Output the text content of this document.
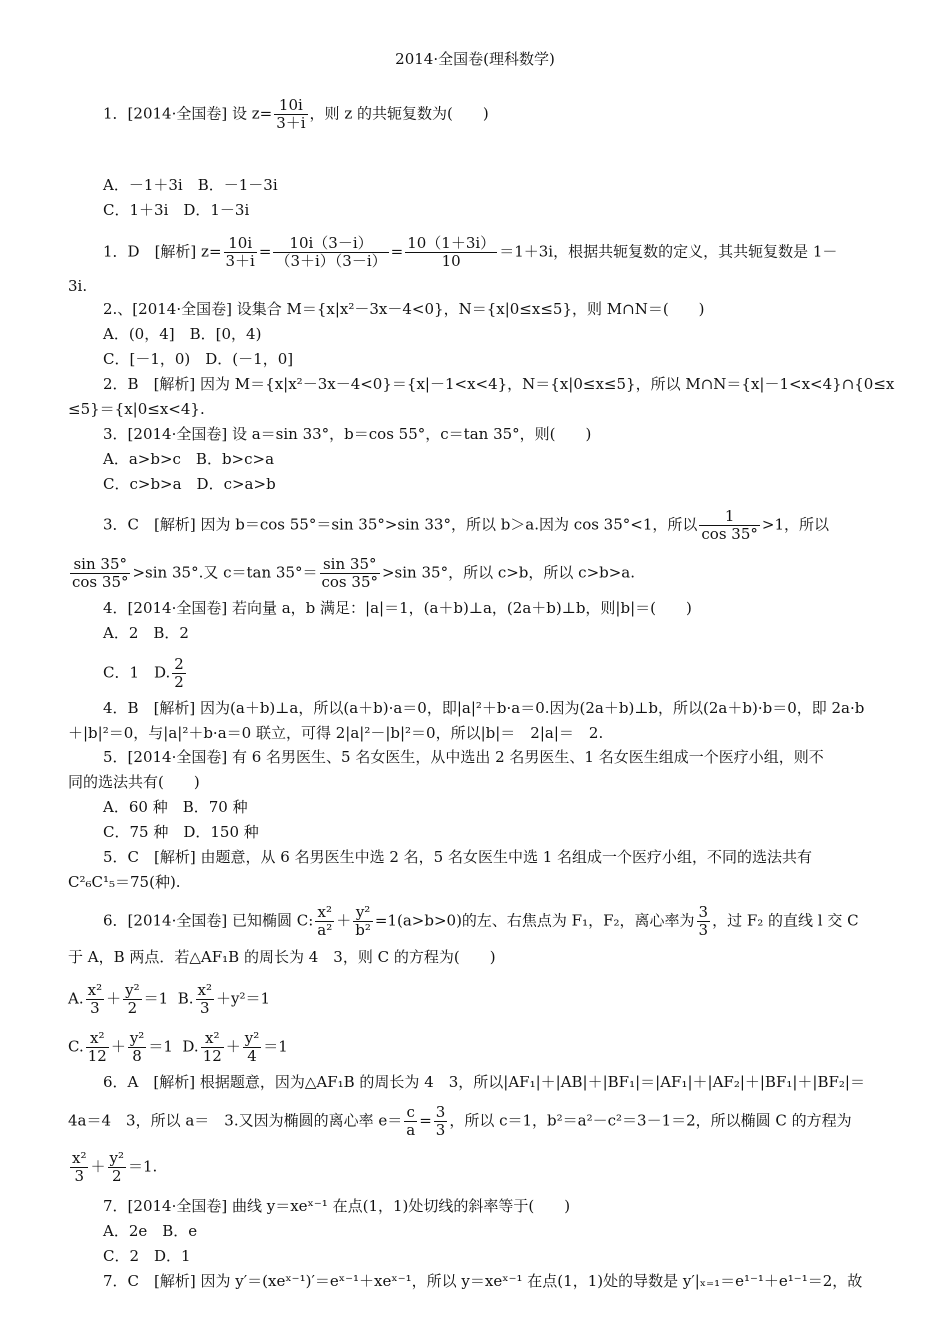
2014·全国卷(理科数学)
1．[2014·全国卷] 设 $z= \frac{10i}{3+i}$ ，则 z 的共轭复数为(　　)
A．－1＋3i　B．－1－3i
C．1＋3i　D．1－3i
1．D　[解析] $z= \frac{10i}{3+i} = \frac{10i(3-i)}{(3+i)(3-i)} = \frac{10(1+3i)}{10} =1+3i$，根据共轭复数的定义，其共轭复数是 1－
3i.
2.、[2014·全国卷] 设集合 M＝{x|x²－3x－4<0}，N＝{x|0≤x≤5}，则 M∩N＝(　　)
A．(0，4]　B．[0，4)
C．[－1，0)　D．(－1，0]
2．B　[解析] 因为 M＝{x|x²－3x－4<0}＝{x|－1<x<4}，N＝{x|0≤x≤5}，所以 M∩N＝{x|－1<x<4}∩{0≤x
≤5}＝{x|0≤x<4}.
3．[2014·全国卷] 设 a＝sin 33°，b＝cos 55°，c＝tan 35°，则(　　)
A．a>b>c　B．b>c>a
C．c>b>a　D．c>a>b
3．C　[解析] 因为 b＝cos 55°＝sin 35°>sin 33°，所以 b＞a.因为 cos 35°<1，所以 $\frac{1}{\cos 35^\circ} >1$，所以
$\frac{\sin 35^\circ}{\cos 35^\circ} >\sin$ 35°.又 c＝tan $35^\circ= \frac{\sin 35^\circ}{\cos 35^\circ} >\sin$ 35°，所以 c>b，所以 c>b>a.
4．[2014·全国卷] 若向量 a，b 满足：|a|＝1，(a＋b)⊥a，(2a＋b)⊥b，则|b|＝(　　)
A．2　B．2
C．1　D. $\frac{2}{2}$
4．B　[解析] 因为(a＋b)⊥a，所以(a＋b)·a＝0，即|a|²＋b·a＝0.因为(2a＋b)⊥b，所以(2a＋b)·b＝0，即 2a·b
＋|b|²＝0，与|a|²＋b·a＝0 联立，可得 2|a|²－|b|²＝0，所以|b|＝　2|a|＝　2.
5．[2014·全国卷] 有 6 名男医生、5 名女医生，从中选出 2 名男医生、1 名女医生组成一个医疗小组，则不
同的选法共有(　　)
A．60 种　B．70 种
C．75 种　D．150 种
5．C　[解析] 由题意，从 6 名男医生中选 2 名，5 名女医生中选 1 名组成一个医疗小组，不同的选法共有
C²₆C¹₅＝75(种).
6．[2014·全国卷] 已知椭圆 C: $\frac{\text{x²}}{\text{a²}} + \frac{\text{y²}}{\text{b²}} =1(a>b>0)$的左、右焦点为 F₁，F₂，离心率为 $\frac{3}{3}$ ，过 F₂ 的直线 l 交 C
于 A，B 两点．若△AF₁B 的周长为 4　3，则 C 的方程为(　　)
A. $\frac{\text{x²}}{3} + \frac{\text{y²}}{2} =1$ B. $\frac{\text{x²}}{3} +y^2=1$
C. $\frac{\text{x²}}{12} + \frac{\text{y²}}{8} =1$ D. $\frac{\text{x²}}{12} + \frac{\text{y²}}{4} =1$
6．A　[解析] 根据题意，因为△AF₁B 的周长为 4　3，所以|AF₁|＋|AB|＋|BF₁|＝|AF₁|＋|AF₂|＋|BF₁|＋|BF₂|＝
4a＝4　3，所以 a＝　3.又因为椭圆的离心率 $e= \frac{c}{a} = \frac{3}{3}$ ，所以 c＝1，b²＝a²－c²＝3－1＝2，所以椭圆 C 的方程为
$\frac{\text{x²}}{3} + \frac{\text{y²}}{2} =1$.
7．[2014·全国卷] 曲线 y＝xeˣ⁻¹ 在点(1，1)处切线的斜率等于(　　)
A．2e　B．e
C．2　D．1
7．C　[解析] 因为 y′＝(xeˣ⁻¹)′＝eˣ⁻¹＋xeˣ⁻¹，所以 y＝xeˣ⁻¹ 在点(1，1)处的导数是 y′|ₓ₌₁＝e¹⁻¹＋e¹⁻¹＝2，故
